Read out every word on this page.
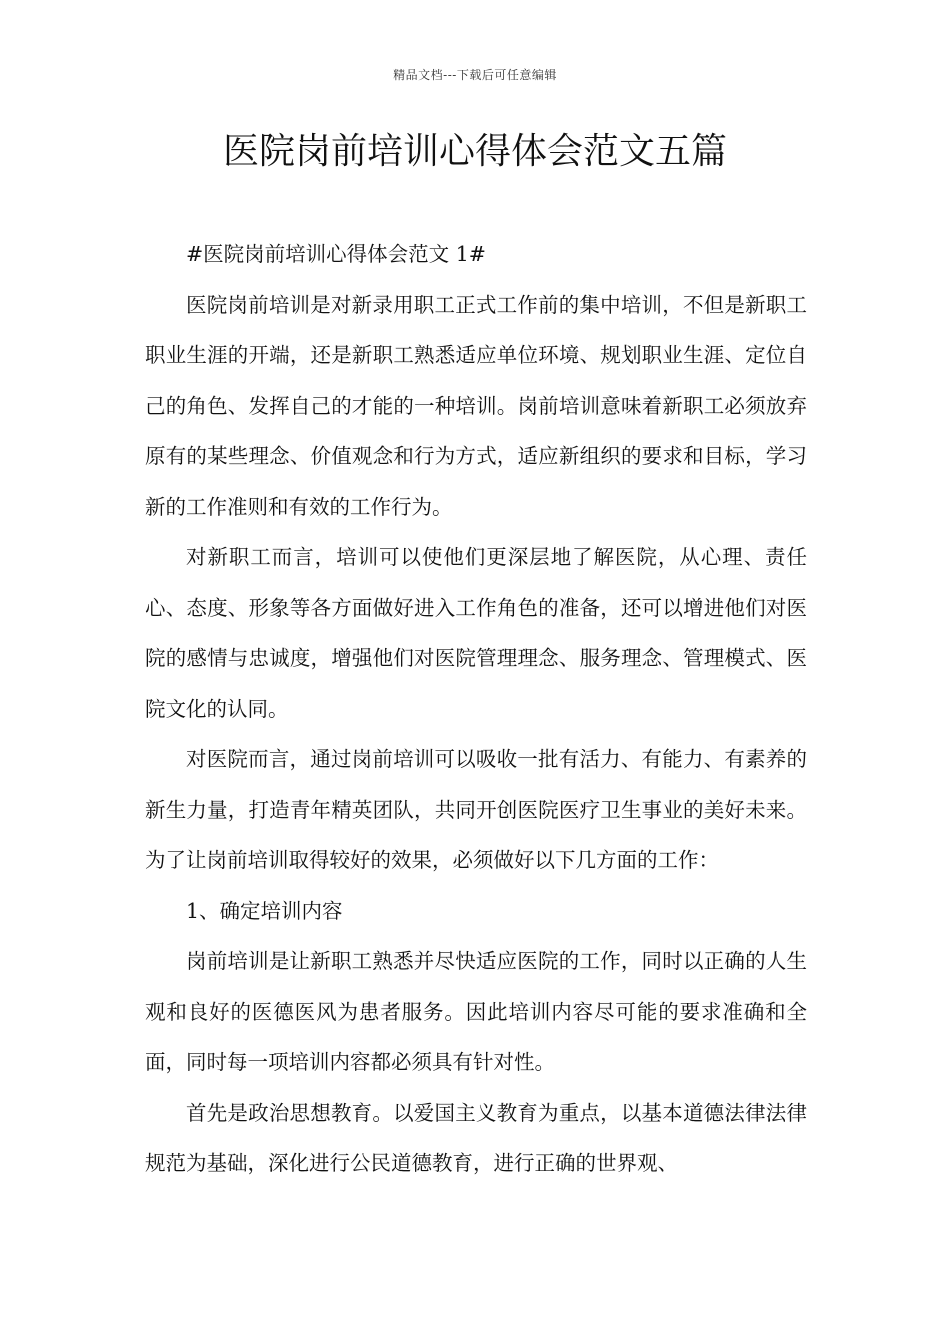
精品文档---下载后可任意编辑
医院岗前培训心得体会范文五篇

#医院岗前培训心得体会范文 1#

医院岗前培训是对新录用职工正式工作前的集中培训，不但是新职工职业生涯的开端，还是新职工熟悉适应单位环境、规划职业生涯、定位自己的角色、发挥自己的才能的一种培训。岗前培训意味着新职工必须放弃原有的某些理念、价值观念和行为方式，适应新组织的要求和目标，学习新的工作准则和有效的工作行为。

对新职工而言，培训可以使他们更深层地了解医院，从心理、责任心、态度、形象等各方面做好进入工作角色的准备，还可以增进他们对医院的感情与忠诚度，增强他们对医院管理理念、服务理念、管理模式、医院文化的认同。

对医院而言，通过岗前培训可以吸收一批有活力、有能力、有素养的新生力量，打造青年精英团队，共同开创医院医疗卫生事业的美好未来。为了让岗前培训取得较好的效果，必须做好以下几方面的工作：

1、确定培训内容

岗前培训是让新职工熟悉并尽快适应医院的工作，同时以正确的人生观和良好的医德医风为患者服务。因此培训内容尽可能的要求准确和全面，同时每一项培训内容都必须具有针对性。

首先是政治思想教育。以爱国主义教育为重点，以基本道德法律法律规范为基础，深化进行公民道德教育，进行正确的世界观、
